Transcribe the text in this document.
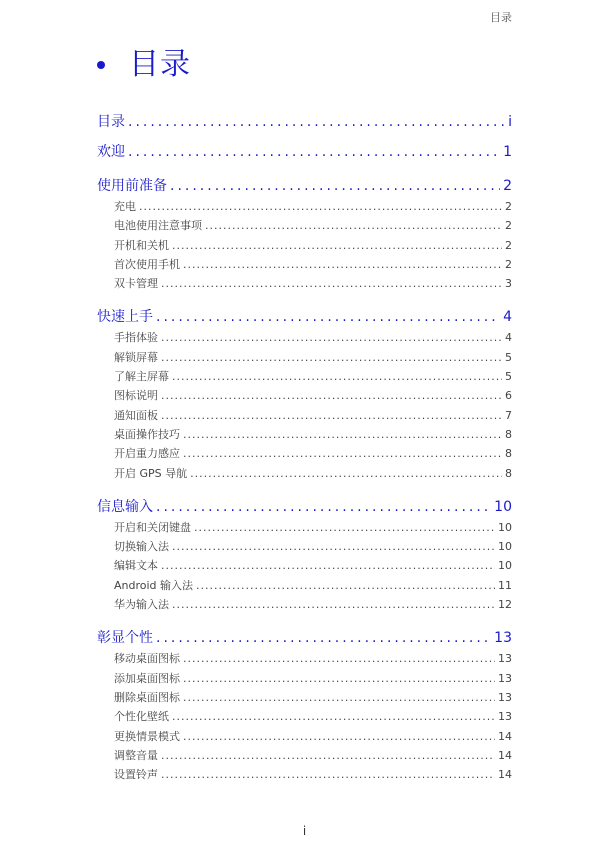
目录
目录
目录 .....	i
欢迎 .....	1
使用前准备 .....	2
充电 .....	2
电池使用注意事项 .....	2
开机和关机 .....	2
首次使用手机 .....	2
双卡管理 .....	3
快速上手 .....	4
手指体验 .....	4
解锁屏幕 .....	5
了解主屏幕 .....	5
图标说明 .....	6
通知面板 .....	7
桌面操作技巧 .....	8
开启重力感应 .....	8
开启 GPS 导航 .....	8
信息输入 .....	10
开启和关闭键盘 .....	10
切换输入法 .....	10
编辑文本 .....	10
Android 输入法 .....	11
华为输入法 .....	12
彰显个性 .....	13
移动桌面图标 .....	13
添加桌面图标 .....	13
删除桌面图标 .....	13
个性化壁纸 .....	13
更换情景模式 .....	14
调整音量 .....	14
设置铃声 .....	14
i
